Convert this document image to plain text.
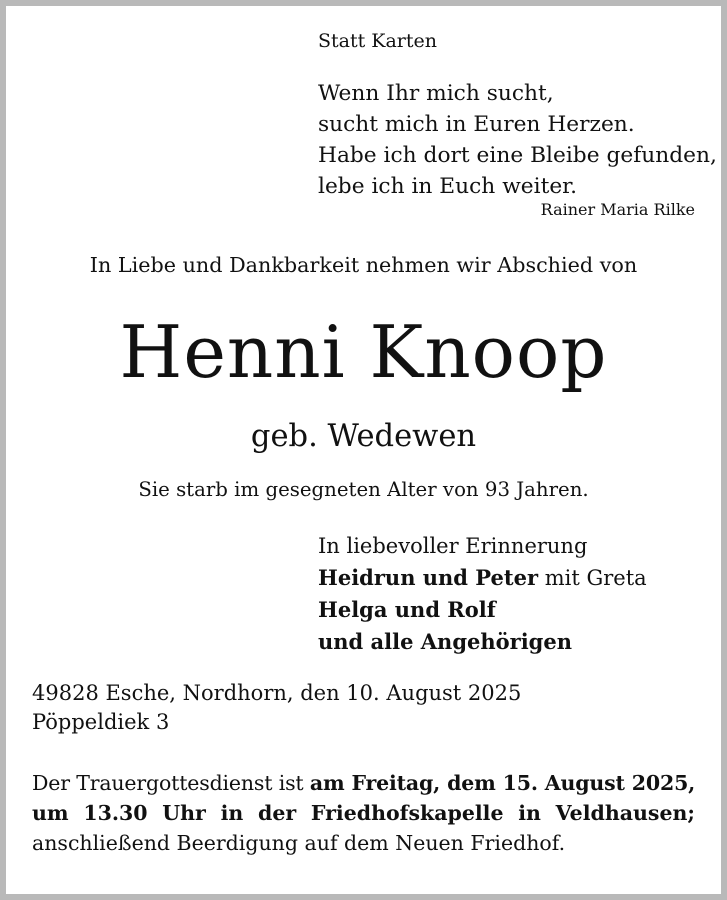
Statt Karten
Wenn Ihr mich sucht,
sucht mich in Euren Herzen.
Habe ich dort eine Bleibe gefunden,
lebe ich in Euch weiter.
Rainer Maria Rilke
In Liebe und Dankbarkeit nehmen wir Abschied von
Henni Knoop
geb. Wedewen
Sie starb im gesegneten Alter von 93 Jahren.
In liebevoller Erinnerung
Heidrun und Peter mit Greta
Helga und Rolf
und alle Angehörigen
49828 Esche, Nordhorn, den 10. August 2025
Pöppeldiek 3
Der Trauergottesdienst ist am Freitag, dem 15. August 2025,
um 13.30 Uhr in der Friedhofskapelle in Veldhausen;
anschließend Beerdigung auf dem Neuen Friedhof.
